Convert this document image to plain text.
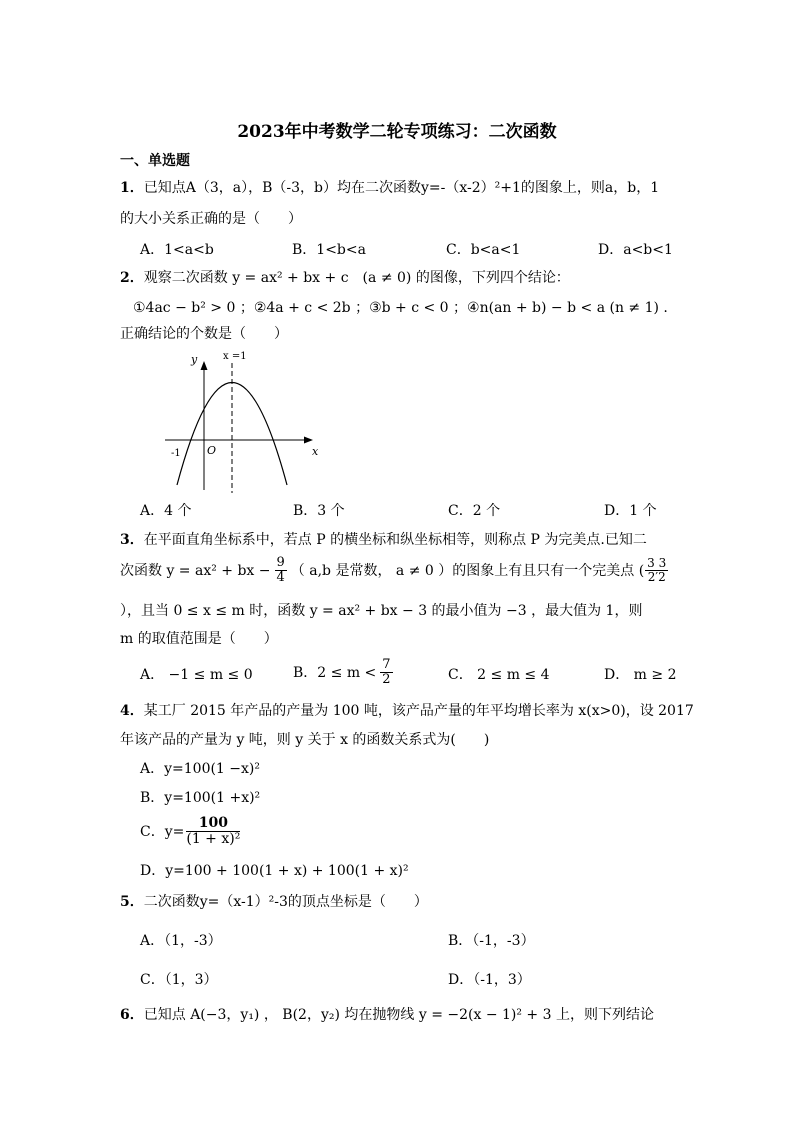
2023年中考数学二轮专项练习：二次函数
一、单选题
1．已知点A（3，a），B（-3，b）均在二次函数y=-（x-2）²+1的图象上，则a，b，1
的大小关系正确的是（　　）
A．1<a<b	B．1<b<a	C．b<a<1	D．a<b<1
2．观察二次函数 y = ax² + bx + c　(a ≠ 0) 的图像，下列四个结论：
①4ac − b² > 0 ；②4a + c < 2b ；③b + c < 0 ；④n(an + b) − b < a (n ≠ 1) .
正确结论的个数是（　　）
y
x
x =1
O
-1
A．4 个	B．3 个	C．2 个	D．1 个
3．在平面直角坐标系中，若点 P 的横坐标和纵坐标相等，则称点 P 为完美点.已知二
次函数 y = ax² + bx − $\frac{9}{4}$ （ a,b 是常数， a ≠ 0 ）的图象上有且只有一个完美点 ( $\frac{3 3}{2'2}$
），且当 0 ≤ x ≤ m 时，函数 y = ax² + bx − 3 的最小值为 −3 ，最大值为 1，则
m 的取值范围是（　　）
A． −1 ≤ m ≤ 0	B．$2 \le m < \frac{7}{2}$	C． 2 ≤ m ≤ 4	D． m ≥ 2
4．某工厂 2015 年产品的产量为 100 吨，该产品产量的年平均增长率为 x(x>0)，设 2017
年该产品的产量为 y 吨，则 y 关于 x 的函数关系式为(　　)
A．y=100(1 −x)²
B．y=100(1 +x)²
C．$y= \frac{100}{\text{(1 + x)²}}$
D．y=100 + 100(1 + x) + 100(1 + x)²
5．二次函数y=（x-1）²-3的顶点坐标是（　　）
A．（1，-3）	B．（-1，-3）
C．（1，3）	D．（-1，3）
6．已知点 A(−3，y₁) ， B(2，y₂) 均在抛物线 y = −2(x − 1)² + 3 上，则下列结论
